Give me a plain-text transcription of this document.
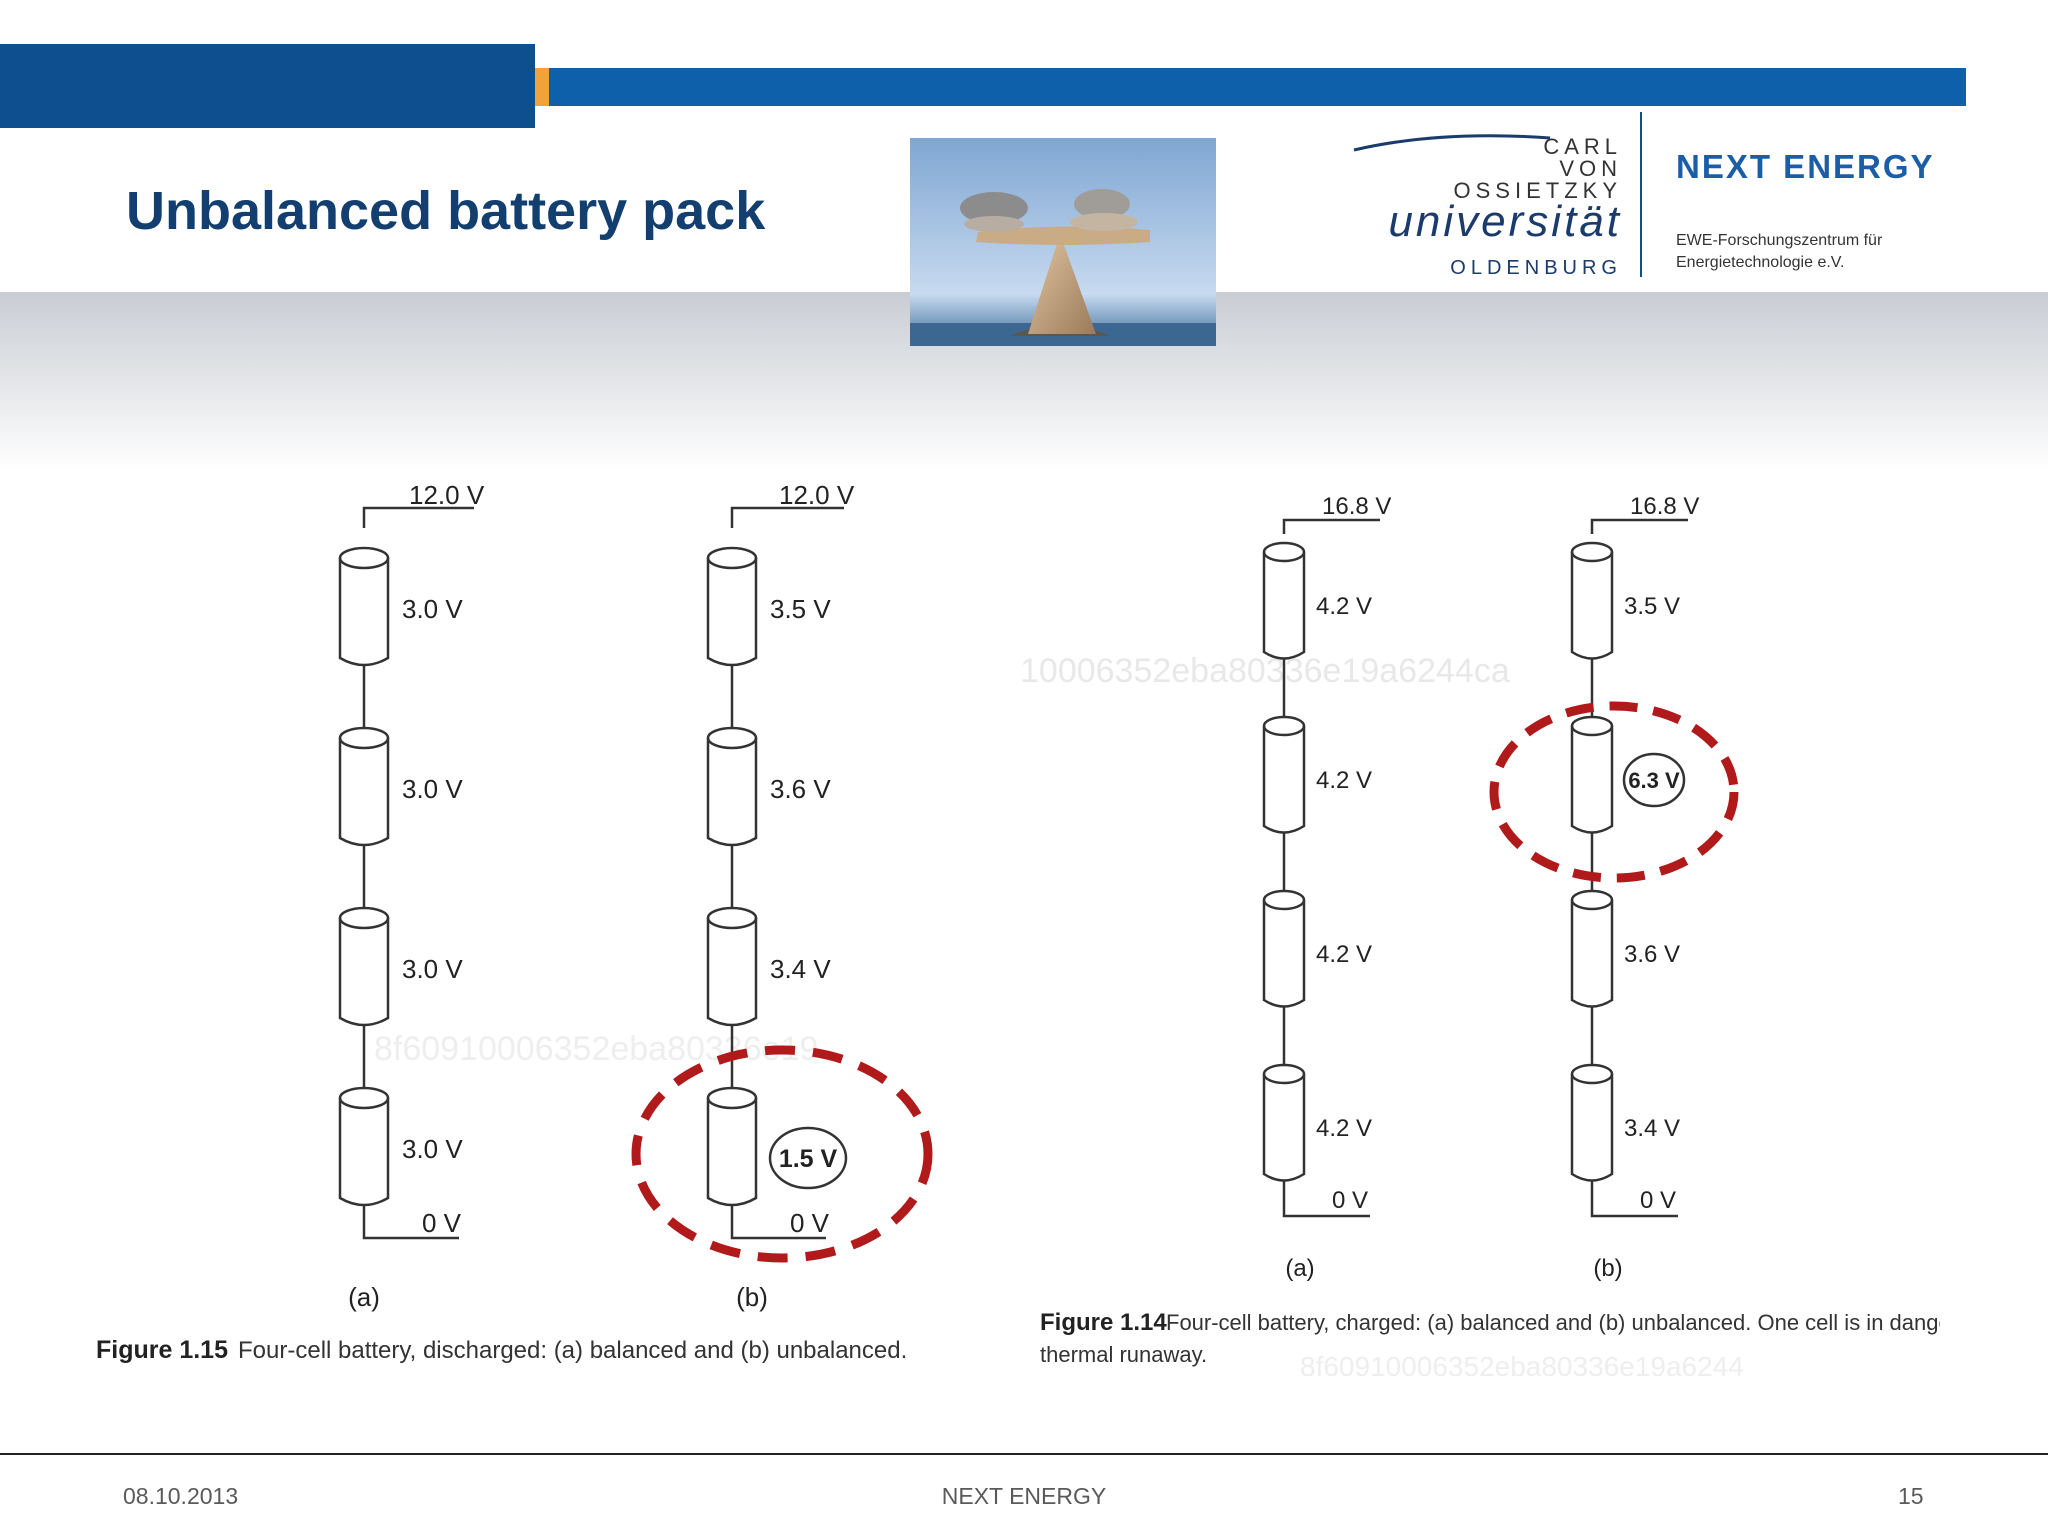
Unbalanced battery pack
CARL
VON
OSSIETZKY
universität
OLDENBURG
NEXT ENERGY
EWE-Forschungszentrum für
Energietechnologie e.V.
8f60910006352eba80336e19
12.0 V
3.0 V
3.0 V
3.0 V
3.0 V
0 V
(a)
12.0 V
3.5 V
3.6 V
3.4 V
1.5 V
0 V
(b)
Figure 1.15 Four-cell battery, discharged: (a) balanced and (b) unbalanced.
10006352eba80336e19a6244ca
8f60910006352eba80336e19a6244
16.8 V
4.2 V
4.2 V
4.2 V
4.2 V
0 V
(a)
16.8 V
3.5 V
6.3 V
3.6 V
3.4 V
0 V
(b)
Figure 1.14 Four-cell battery, charged: (a) balanced and (b) unbalanced. One cell is in danger of
thermal runaway.
08.10.2013	NEXT ENERGY	15
